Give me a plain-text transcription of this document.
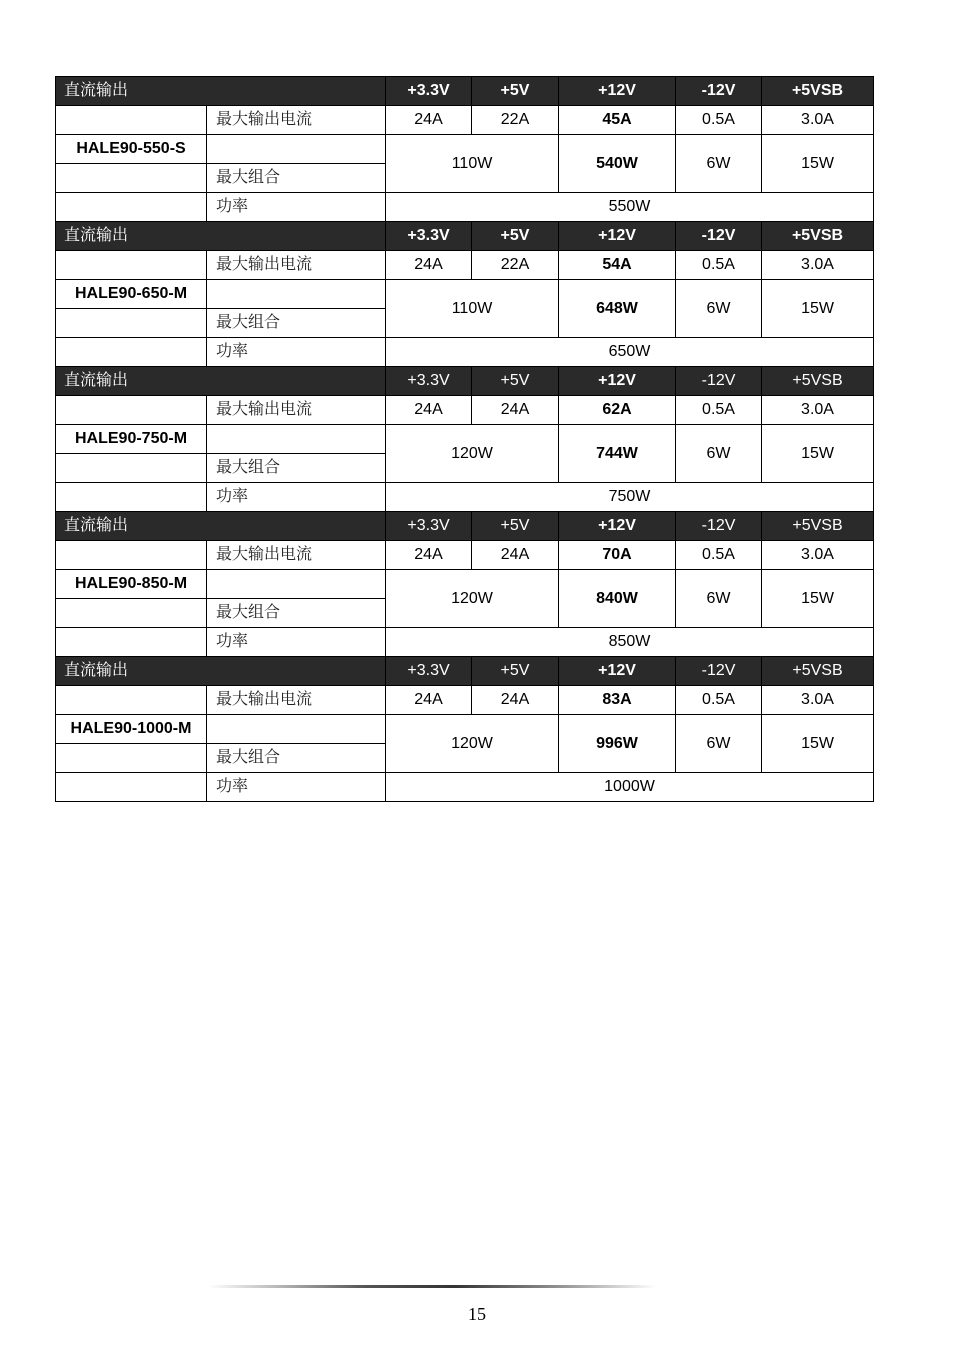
直流输出		+3.3V	+5V	+12V	-12V	+5VSB
	最大输出电流	24A	22A	45A	0.5A	3.0A
HALE90-550-S		110W		540W	6W	15W
	最大组合					
	功率	550W				
直流输出		+3.3V	+5V	+12V	-12V	+5VSB
	最大输出电流	24A	22A	54A	0.5A	3.0A
HALE90-650-M		110W		648W	6W	15W
	最大组合					
	功率	650W				
直流输出		+3.3V	+5V	+12V	-12V	+5VSB
	最大输出电流	24A	24A	62A	0.5A	3.0A
HALE90-750-M		120W		744W	6W	15W
	最大组合					
	功率	750W				
直流输出		+3.3V	+5V	+12V	-12V	+5VSB
	最大输出电流	24A	24A	70A	0.5A	3.0A
HALE90-850-M		120W		840W	6W	15W
	最大组合					
	功率	850W				
直流输出		+3.3V	+5V	+12V	-12V	+5VSB
	最大输出电流	24A	24A	83A	0.5A	3.0A
HALE90-1000-M		120W		996W	6W	15W
	最大组合					
	功率	1000W				
15
